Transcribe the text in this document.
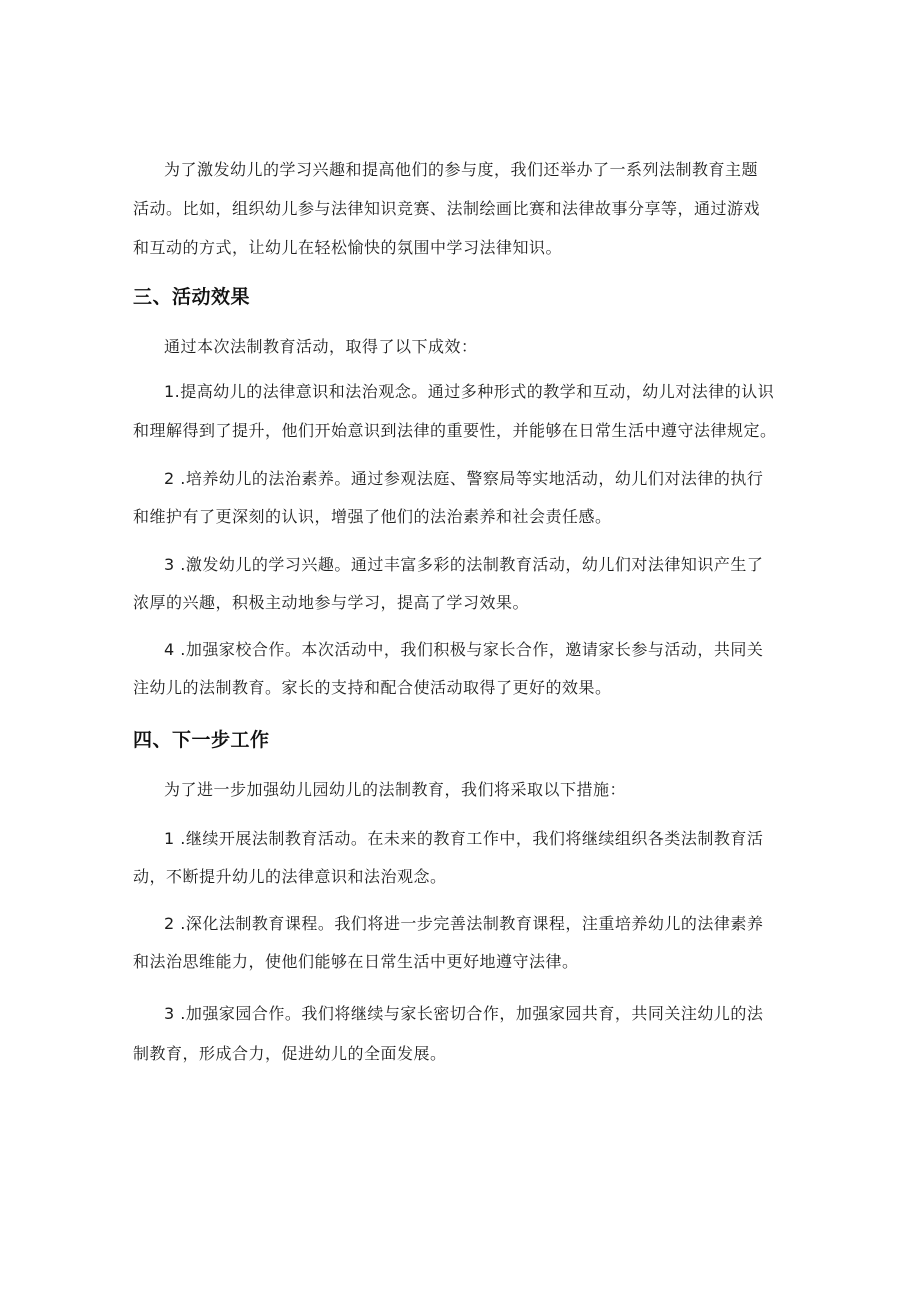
为了激发幼儿的学习兴趣和提高他们的参与度，我们还举办了一系列法制教育主题
活动。比如，组织幼儿参与法律知识竞赛、法制绘画比赛和法律故事分享等，通过游戏
和互动的方式，让幼儿在轻松愉快的氛围中学习法律知识。
三、活动效果
通过本次法制教育活动，取得了以下成效：
1.提高幼儿的法律意识和法治观念。通过多种形式的教学和互动，幼儿对法律的认识
和理解得到了提升，他们开始意识到法律的重要性，并能够在日常生活中遵守法律规定。
2 .培养幼儿的法治素养。通过参观法庭、警察局等实地活动，幼儿们对法律的执行
和维护有了更深刻的认识，增强了他们的法治素养和社会责任感。
3 .激发幼儿的学习兴趣。通过丰富多彩的法制教育活动，幼儿们对法律知识产生了
浓厚的兴趣，积极主动地参与学习，提高了学习效果。
4 .加强家校合作。本次活动中，我们积极与家长合作，邀请家长参与活动，共同关
注幼儿的法制教育。家长的支持和配合使活动取得了更好的效果。
四、下一步工作
为了进一步加强幼儿园幼儿的法制教育，我们将采取以下措施：
1 .继续开展法制教育活动。在未来的教育工作中，我们将继续组织各类法制教育活
动，不断提升幼儿的法律意识和法治观念。
2 .深化法制教育课程。我们将进一步完善法制教育课程，注重培养幼儿的法律素养
和法治思维能力，使他们能够在日常生活中更好地遵守法律。
3 .加强家园合作。我们将继续与家长密切合作，加强家园共育，共同关注幼儿的法
制教育，形成合力，促进幼儿的全面发展。
